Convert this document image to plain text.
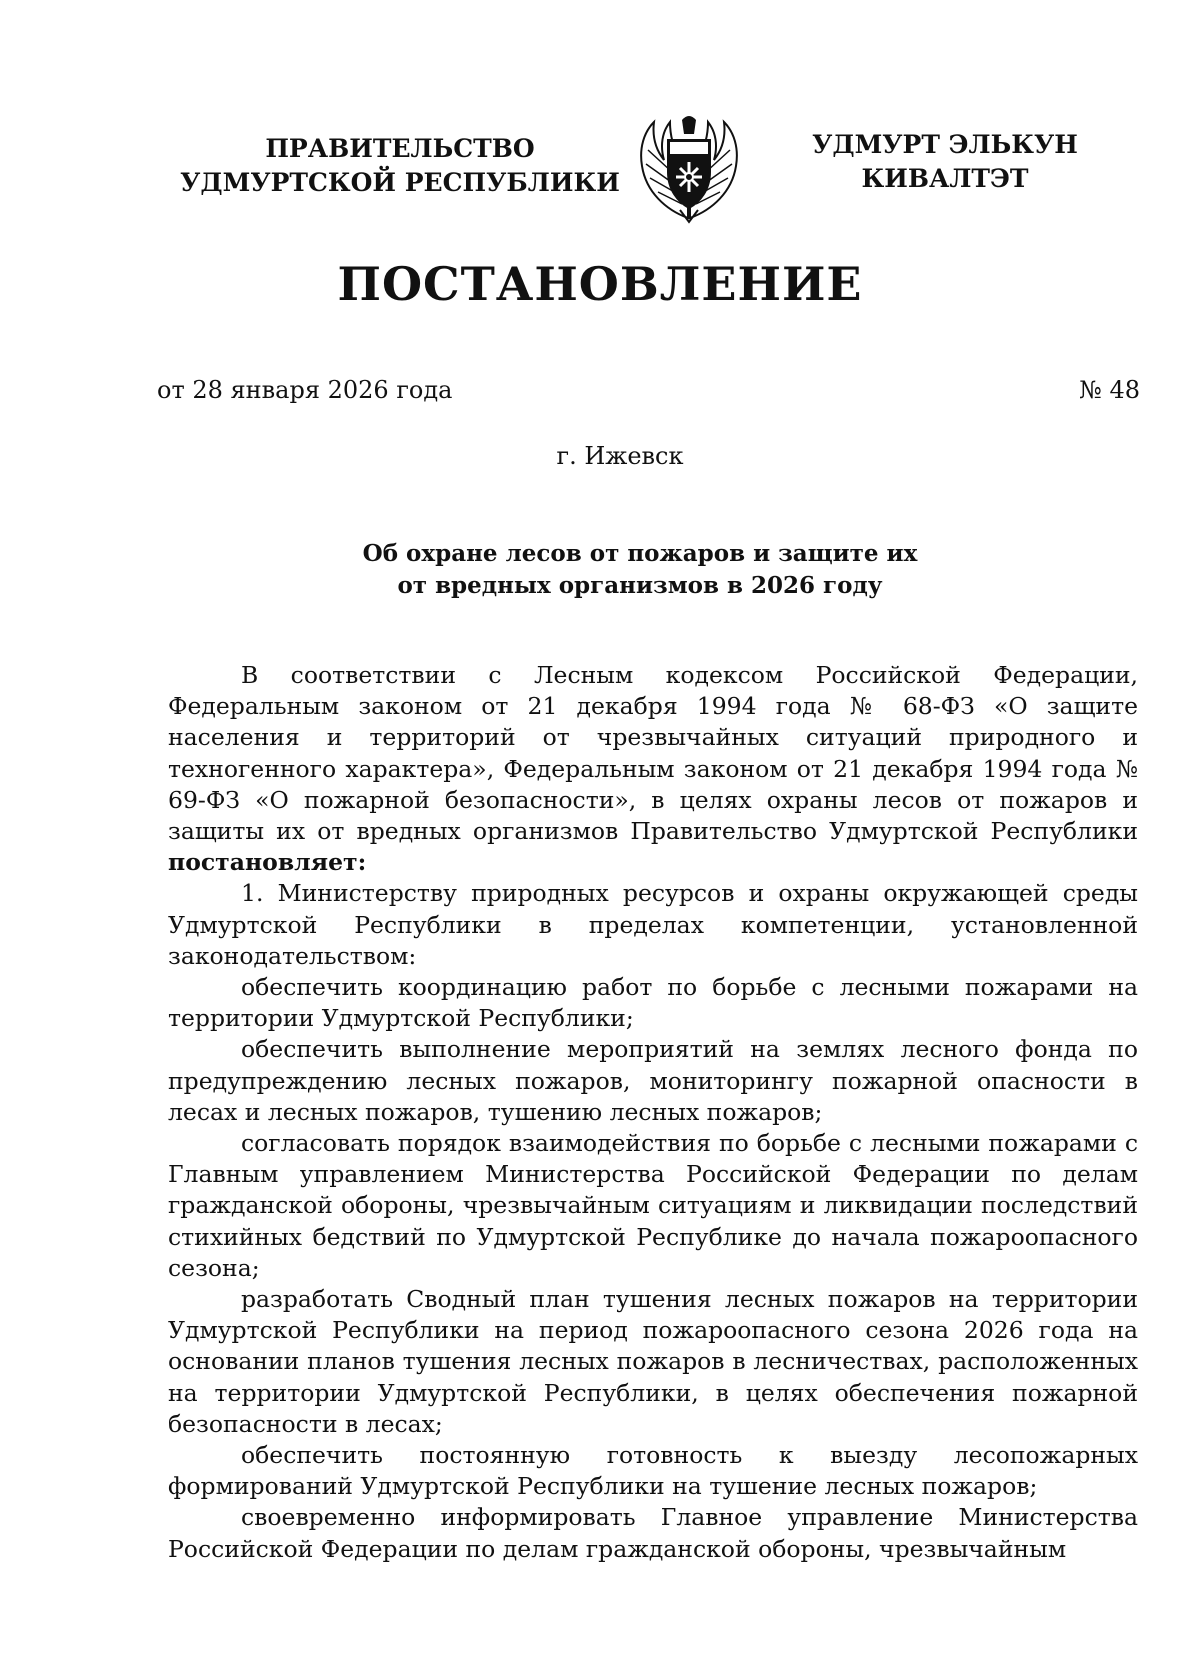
ПРАВИТЕЛЬСТВО
УДМУРТСКОЙ РЕСПУБЛИКИ
УДМУРТ ЭЛЬКУН
КИВАЛТЭТ
ПОСТАНОВЛЕНИЕ
от 28 января 2026 года	№ 48
г. Ижевск
Об охране лесов от пожаров и защите их
от вредных организмов в 2026 году

В соответствии с Лесным кодексом Российской Федерации, Федеральным законом от 21 декабря 1994 года № 68-ФЗ «О защите населения и территорий от чрезвычайных ситуаций природного и техногенного характера», Федеральным законом от 21 декабря 1994 года № 69-ФЗ «О пожарной безопасности», в целях охраны лесов от пожаров и защиты их от вредных организмов Правительство Удмуртской Республики постановляет:

1. Министерству природных ресурсов и охраны окружающей среды Удмуртской Республики в пределах компетенции, установленной законодательством:

обеспечить координацию работ по борьбе с лесными пожарами на территории Удмуртской Республики;

обеспечить выполнение мероприятий на землях лесного фонда по предупреждению лесных пожаров, мониторингу пожарной опасности в лесах и лесных пожаров, тушению лесных пожаров;

согласовать порядок взаимодействия по борьбе с лесными пожарами с Главным управлением Министерства Российской Федерации по делам гражданской обороны, чрезвычайным ситуациям и ликвидации последствий стихийных бедствий по Удмуртской Республике до начала пожароопасного сезона;

разработать Сводный план тушения лесных пожаров на территории Удмуртской Республики на период пожароопасного сезона 2026 года на основании планов тушения лесных пожаров в лесничествах, расположенных на территории Удмуртской Республики, в целях обеспечения пожарной безопасности в лесах;

обеспечить постоянную готовность к выезду лесопожарных формирований Удмуртской Республики на тушение лесных пожаров;

своевременно информировать Главное управление Министерства Российской Федерации по делам гражданской обороны, чрезвычайным
